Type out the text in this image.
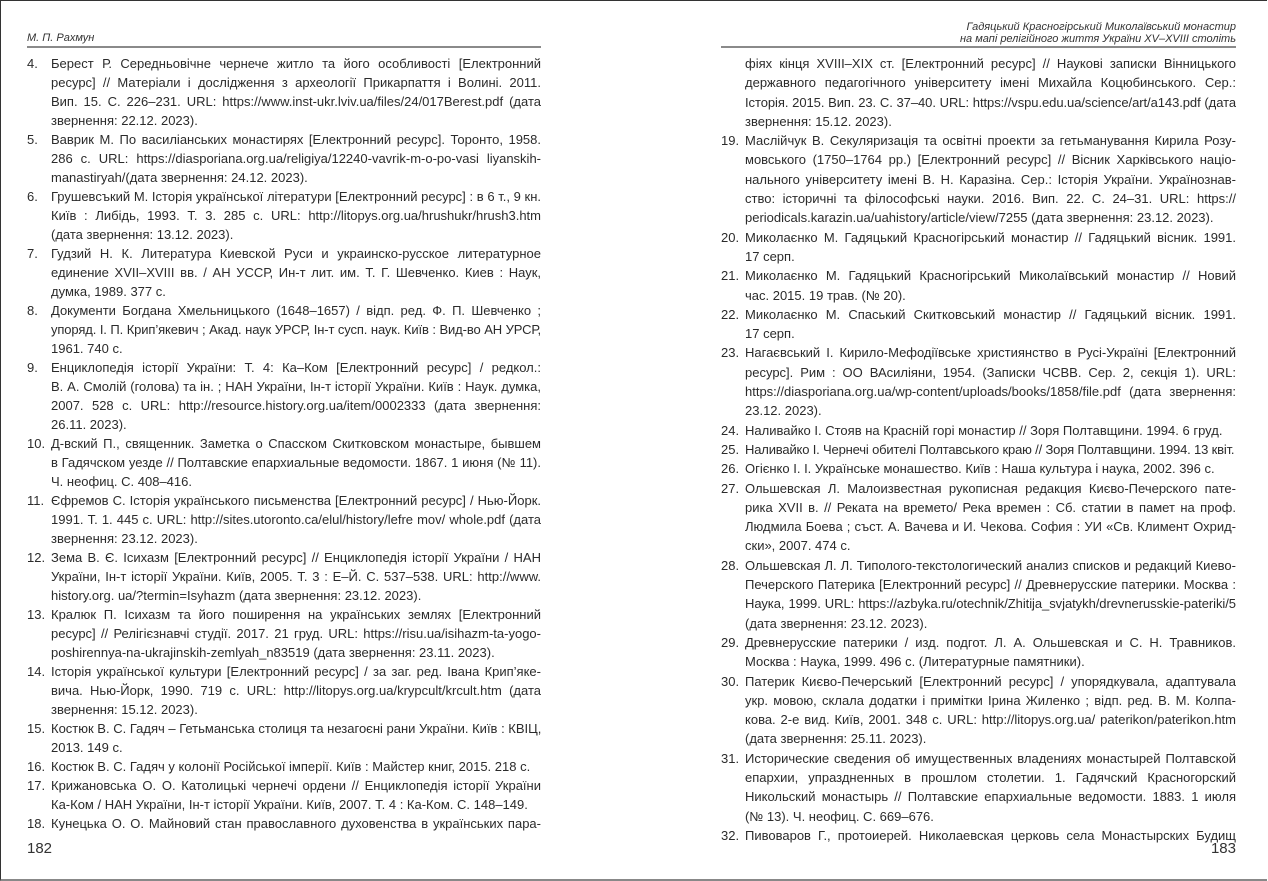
М. П. Рахмун
4.	Берест Р. Середньовічне чернече житло та його особливості [Електронний
ресурс] // Матеріали і дослідження з археології Прикарпаття і Волині. 2011.
Вип. 15. С. 226–231. URL: https://www.inst-ukr.lviv.ua/files/24/017Berest.pdf (дата
звернення: 22.12. 2023).
5.	Ваврик М. По василіанських монастирях [Електронний ресурс]. Торонто, 1958.
286 с. URL: https://diasporiana.org.ua/religiya/12240-vavrik-m-o-po-vasi liyanskih-
manastiryah/(дата звернення: 24.12. 2023).
6.	Грушевсъкий М. Історія української літератури [Електронний ресурс] : в 6 т., 9 кн.
Київ : Либідь, 1993. Т. 3. 285 с. URL: http://litopys.org.ua/hrushukr/hrush3.htm
(дата звернення: 13.12. 2023).
7.	Гудзий Н. К. Литература Киевской Руси и украинско-русское литературное
единение XVII–XVIII вв. / АН УССР, Ин-т лит. им. Т. Г. Шевченко. Киев : Наук,
думка, 1989. 377 с.
8.	Документи Богдана Хмельницького (1648–1657) / відп. ред. Ф. П. Шевченко ;
упоряд. І. П. Крип’якевич ; Акад. наук УРСР, Ін-т сусп. наук. Київ : Вид-во АН УРСР,
1961. 740 с.
9.	Енциклопедія історії України: Т. 4: Ка–Ком [Електронний ресурс] / редкол.:
В. А. Смолій (голова) та ін. ; НАН України, Ін-т історії України. Київ : Наук. думка,
2007. 528 с. URL: http://resource.history.org.ua/item/0002333 (дата звернення:
26.11. 2023).
10. Д-вский П., священник. Заметка о Спасском Скитковском монастыре, бывшем
в Гадячском уезде // Полтавские епархиальные ведомости. 1867. 1 июня (№ 11).
Ч. неофиц. С. 408–416.
11. Єфремов С. Історія українського письменства [Електронний ресурс] / Нью-Йорк.
1991. Т. 1. 445 с. URL: http://sites.utoronto.ca/elul/history/lefre mov/ whole.pdf (дата
звернення: 23.12. 2023).
12. Зема В. Є. Ісихазм [Електронний ресурс] // Енциклопедія історії України / НАН
України, Ін-т історії України. Київ, 2005. Т. 3 : Е–Й. С. 537–538. URL: http://www.
history.org. ua/?termin=Isyhazm (дата звернення: 23.12. 2023).
13. Кралюк П. Ісихазм та його поширення на українських землях [Електронний
ресурс] // Релігієзнавчі студії. 2017. 21 груд. URL: https://risu.ua/isihazm-ta-yogo-
poshirennya-na-ukrajinskih-zemlyah_n83519 (дата звернення: 23.11. 2023).
14. Історія української культури [Електронний ресурс] / за заг. ред. Івана Крип’яке-
вича. Нью-Йорк, 1990. 719 с. URL: http://litopys.org.ua/krypcult/krcult.htm (дата
звернення: 15.12. 2023).
15. Костюк В. С. Гадяч – Гетьманська столиця та незагоєні рани України. Київ : КВІЦ,
2013. 149 с.
16. Костюк В. С. Гадяч у колонії Російської імперії. Київ : Майстер книг, 2015. 218 с.
17. Крижановська О. О. Католицькі чернечі ордени // Енциклопедія історії України
Ка-Ком / НАН України, Ін-т історії України. Київ, 2007. Т. 4 : Ка-Ком. С. 148–149.
18. Кунецька О. О. Майновий стан православного духовенства в українських пара-
182
Гадяцький Красногірський Миколаївський монастир
на мапі релігійного життя України XV–XVIII століть
фіях кінця XVIII–XIX ст. [Електронний ресурс] // Наукові записки Вінницького
державного педагогічного університету імені Михайла Коцюбинського. Сер.:
Історія. 2015. Вип. 23. С. 37–40. URL: https://vspu.edu.ua/science/art/a143.pdf (дата
звернення: 15.12. 2023).
19. Маслійчук В. Секуляризація та освітні проекти за гетьманування Кирила Розу-
мовського (1750–1764 рр.) [Електронний ресурс] // Вісник Харківського націо-
нального університету імені В. Н. Каразіна. Сер.: Історія України. Українознав-
ство: історичні та філософські науки. 2016. Вип. 22. С. 24–31. URL: https://
periodicals.karazin.ua/uahistory/article/view/7255 (дата звернення: 23.12. 2023).
20. Миколаєнко М. Гадяцький Красногірський монастир // Гадяцький вісник. 1991.
17 серп.
21. Миколаєнко М. Гадяцький Красногірський Миколаївський монастир // Новий
час. 2015. 19 трав. (№ 20).
22. Миколаєнко М. Спаський Скитковський монастир // Гадяцький вісник. 1991.
17 серп.
23. Нагаєвський І. Кирило-Мефодіївське християнство в Русі-Україні [Електронний
ресурс]. Рим : ОО ВАсиліяни, 1954. (Записки ЧСВВ. Сер. 2, секція 1). URL:
https://diasporiana.org.ua/wp-content/uploads/books/1858/file.pdf (дата звернення:
23.12. 2023).
24. Наливайко І. Стояв на Красній горі монастир // Зоря Полтавщини. 1994. 6 груд.
25. Наливайко І. Чернечі обителі Полтавського краю // Зоря Полтавщини. 1994. 13 квіт.
26. Огієнко І. І. Українське монашество. Київ : Наша культура і наука, 2002. 396 с.
27. Ольшевская Л. Малоизвестная рукописная редакция Києво-Печерского пате-
рика XVII в. // Реката на времето/ Река времен : Сб. статии в памет на проф.
Людмила Боева ; съст. А. Вачева и И. Чекова. София : УИ «Св. Климент Охрид-
ски», 2007. 474 с.
28. Ольшевская Л. Л. Типолого-текстологический анализ списков и редакций Киево-
Печерского Патерика [Електронний ресурс] // Древнерусские патерики. Москва :
Наука, 1999. URL: https://azbyka.ru/otechnik/Zhitija_svjatykh/drevnerusskie-pateriki/5
(дата звернення: 23.12. 2023).
29. Древнерусские патерики / изд. подгот. Л. А. Ольшевская и С. Н. Травников.
Москва : Наука, 1999. 496 с. (Литературные памятники).
30. Патерик Києво-Печерський [Електронний ресурс] / упорядкувала, адаптувала
укр. мовою, склала додатки і примітки Ірина Жиленко ; відп. ред. В. М. Колпа-
кова. 2-е вид. Київ, 2001. 348 с. URL: http://litopys.org.ua/ paterikon/paterikon.htm
(дата звернення: 25.11. 2023).
31. Исторические сведения об имущественных владениях монастырей Полтавской
епархии, упраздненных в прошлом столетии. 1. Гадячский Красногорский
Никольский монастырь // Полтавские епархиальные ведомости. 1883. 1 июля
(№ 13). Ч. неофиц. С. 669–676.
32. Пивоваров Г., протоиерей. Николаевская церковь села Монастырских Будищ
183
